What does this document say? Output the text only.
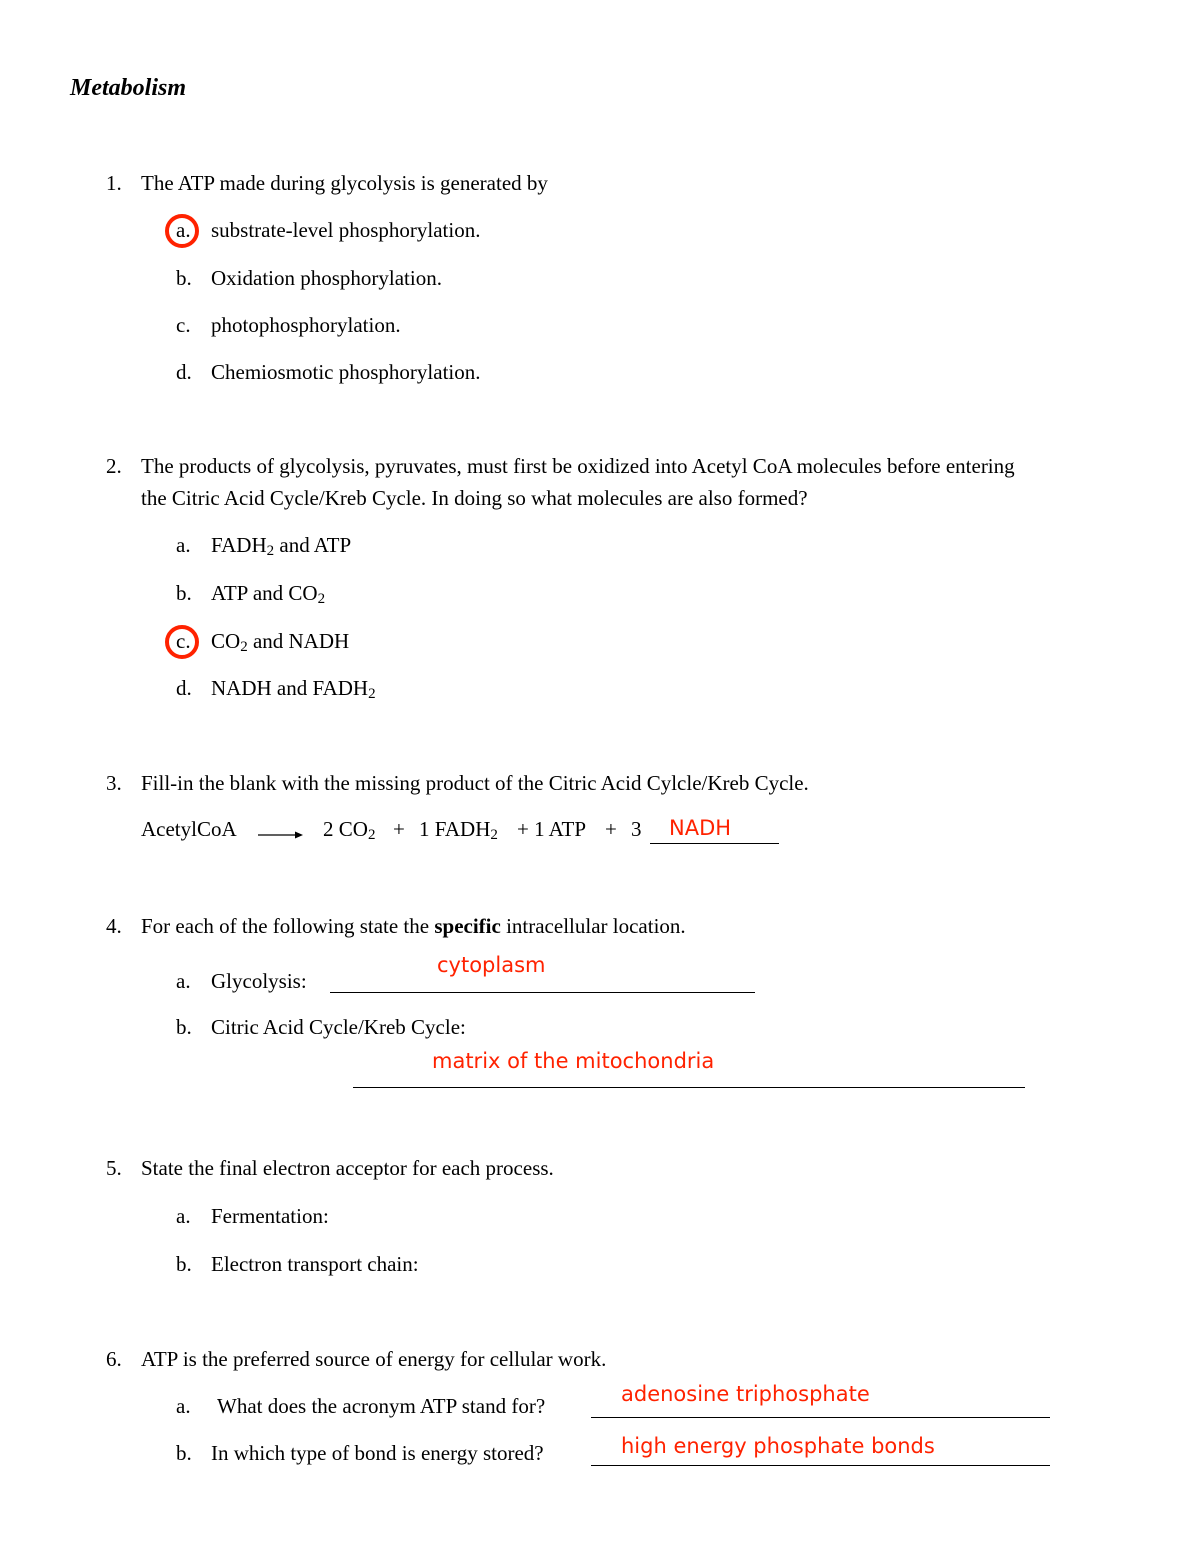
Metabolism
1. The ATP made during glycolysis is generated by
a. substrate-level phosphorylation.
b. Oxidation phosphorylation.
c. photophosphorylation.
d. Chemiosmotic phosphorylation.
2. The products of glycolysis, pyruvates, must first be oxidized into Acetyl CoA molecules before entering
the Citric Acid Cycle/Kreb Cycle. In doing so what molecules are also formed?
a. $FADH_2$ and ATP
b. ATP and $CO_2$
c. $CO_2$ and NADH
d. NADH and $FADH_2$
3. Fill-in the blank with the missing product of the Citric Acid Cylcle/Kreb Cycle.
AcetylCoA → 2 $CO_2 + 1$ $FADH_2 + 1$ ATP + 3 NADH
4. For each of the following state the specific intracellular location.
a. Glycolysis:
cytoplasm
b. Citric Acid Cycle/Kreb Cycle:
matrix of the mitochondria
5. State the final electron acceptor for each process.
a. Fermentation:
b. Electron transport chain:
6. ATP is the preferred source of energy for cellular work.
a. What does the acronym ATP stand for?	adenosine triphosphate
b. In which type of bond is energy stored?	high energy phosphate bonds
